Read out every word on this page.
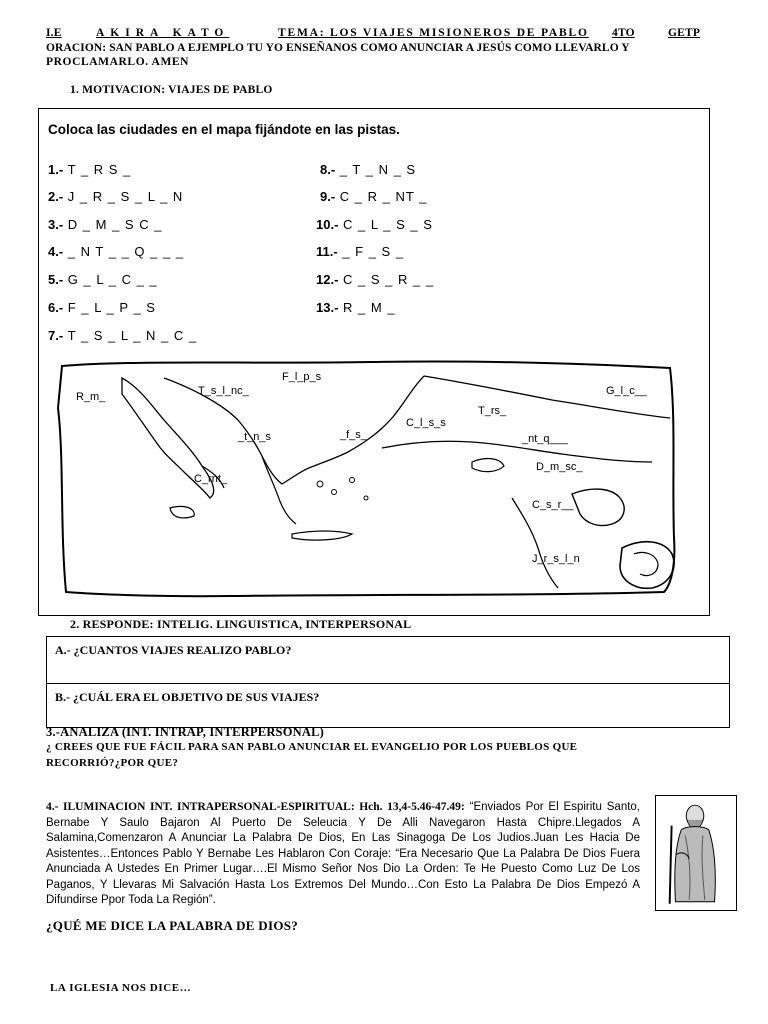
I.E	AKIRA KATO	TEMA: LOS VIAJES MISIONEROS DE PABLO 4TO	GETP
ORACION: SAN PABLO A EJEMPLO TU YO ENSEÑANOS COMO ANUNCIAR A JESÚS COMO LLEVARLO Y
PROCLAMARLO. AMEN
1. MOTIVACION: VIAJES DE PABLO
Coloca las ciudades en el mapa fijándote en las pistas.
1.- T _ R S _
2.- J _ R _ S _ L _ N
3.- D _ M _ S C _
4.- _ N T _ _ Q _ _ _
5.- G _ L _ C _ _
6.- F _ L _ P _ S
7.- T _ S _ L _ N _ C _
8.- _ T _ N _ S
9.- C _ R _ NT _
10.- C _ L _ S _ S
11.- _ F _ S _
12.- C _ S _ R _ _
13.- R _ M _
F_l_p_s
R_m_	T_s_l_nc_	G_l_c__
T_rs_
C_l_s_s
_f_s_
_t_n_s	_nt_q___
C_rnt_
D_m_sc_
C_s_r__
J_r_s_l_n
2. RESPONDE: INTELIG. LINGUISTICA, INTERPERSONAL
A.- ¿CUANTOS VIAJES REALIZO PABLO?
B.- ¿CUÁL ERA EL OBJETIVO DE SUS VIAJES?
3.-ANALIZA (INT. INTRAP, INTERPERSONAL)
¿ CREES QUE FUE FÁCIL PARA SAN PABLO ANUNCIAR EL EVANGELIO POR LOS PUEBLOS QUE
RECORRIÓ?¿POR QUE?
4.- ILUMINACION INT. INTRAPERSONAL-ESPIRITUAL: Hch. 13,4-5.46-47.49: “Enviados Por El Espiritu Santo, Bernabe Y Saulo Bajaron Al Puerto De Seleucia Y De Alli Navegaron Hasta Chipre.Llegados A Salamina,Comenzaron A Anunciar La Palabra De Dios, En Las Sinagoga De Los Judios.Juan Les Hacia De Asistentes…Entonces Pablo Y Bernabe Les Hablaron Con Coraje: “Era Necesario Que La Palabra De Dios Fuera Anunciada A Ustedes En Primer Lugar….El Mismo Señor Nos Dio La Orden: Te He Puesto Como Luz De Los Paganos, Y Llevaras Mi Salvación Hasta Los Extremos Del Mundo…Con Esto La Palabra De Dios Empezó A Difundirse Ppor Toda La Región”.
¿QUÉ ME DICE LA PALABRA DE DIOS?
LA IGLESIA NOS DICE…
